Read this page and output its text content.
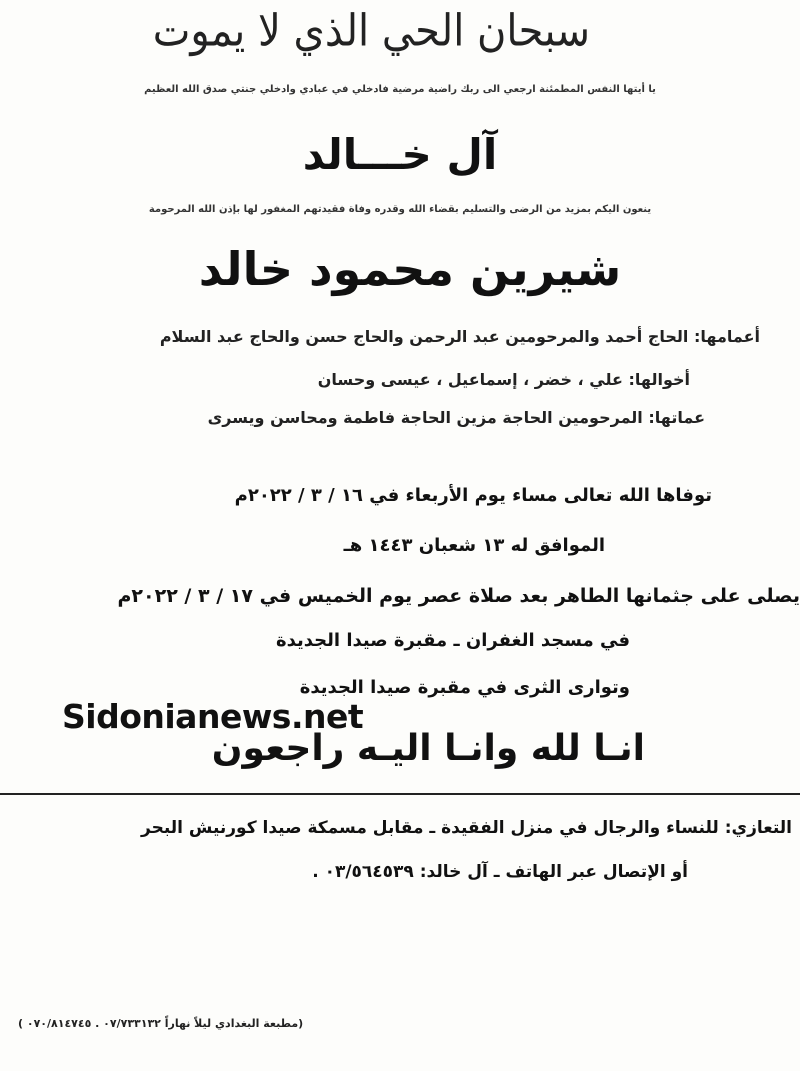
سبحان الحي الذي لا يموت
يا أيتها النفس المطمئنة ارجعي الى ربك راضية مرضية فادخلي في عبادي وادخلي جنتي صدق الله العظيم
آل خـــالد
ينعون اليكم بمزيد من الرضى والتسليم بقضاء الله وقدره وفاة فقيدتهم المغفور لها بإذن الله المرحومة
شيرين محمود خالد
أعمامها: الحاج أحمد والمرحومين عبد الرحمن والحاج حسن والحاج عبد السلام
أخوالها: علي ، خضر ، إسماعيل ، عيسى وحسان
عماتها: المرحومين الحاجة مزين الحاجة فاطمة ومحاسن ويسرى
توفاها الله تعالى مساء يوم الأربعاء في ١٦ / ٣ / ٢٠٢٢م
الموافق له ١٣ شعبان ١٤٤٣ هـ
يصلى على جثمانها الطاهر بعد صلاة عصر يوم الخميس في ١٧ / ٣ / ٢٠٢٢م
في مسجد الغفران ـ مقبرة صيدا الجديدة
وتوارى الثرى في مقبرة صيدا الجديدة
Sidonianews.net
انـا لله وانـا اليـه راجعون
التعازي: للنساء والرجال في منزل الفقيدة ـ مقابل مسمكة صيدا كورنيش البحر
أو الإتصال عبر الهاتف ـ آل خالد: ٠٣/٥٦٤٥٣٩ .
(مطبعة البغدادي ليلاً نهاراً ٠٧/٧٣٣١٣٢ . ٠٧٠/٨١٤٧٤٥ )
